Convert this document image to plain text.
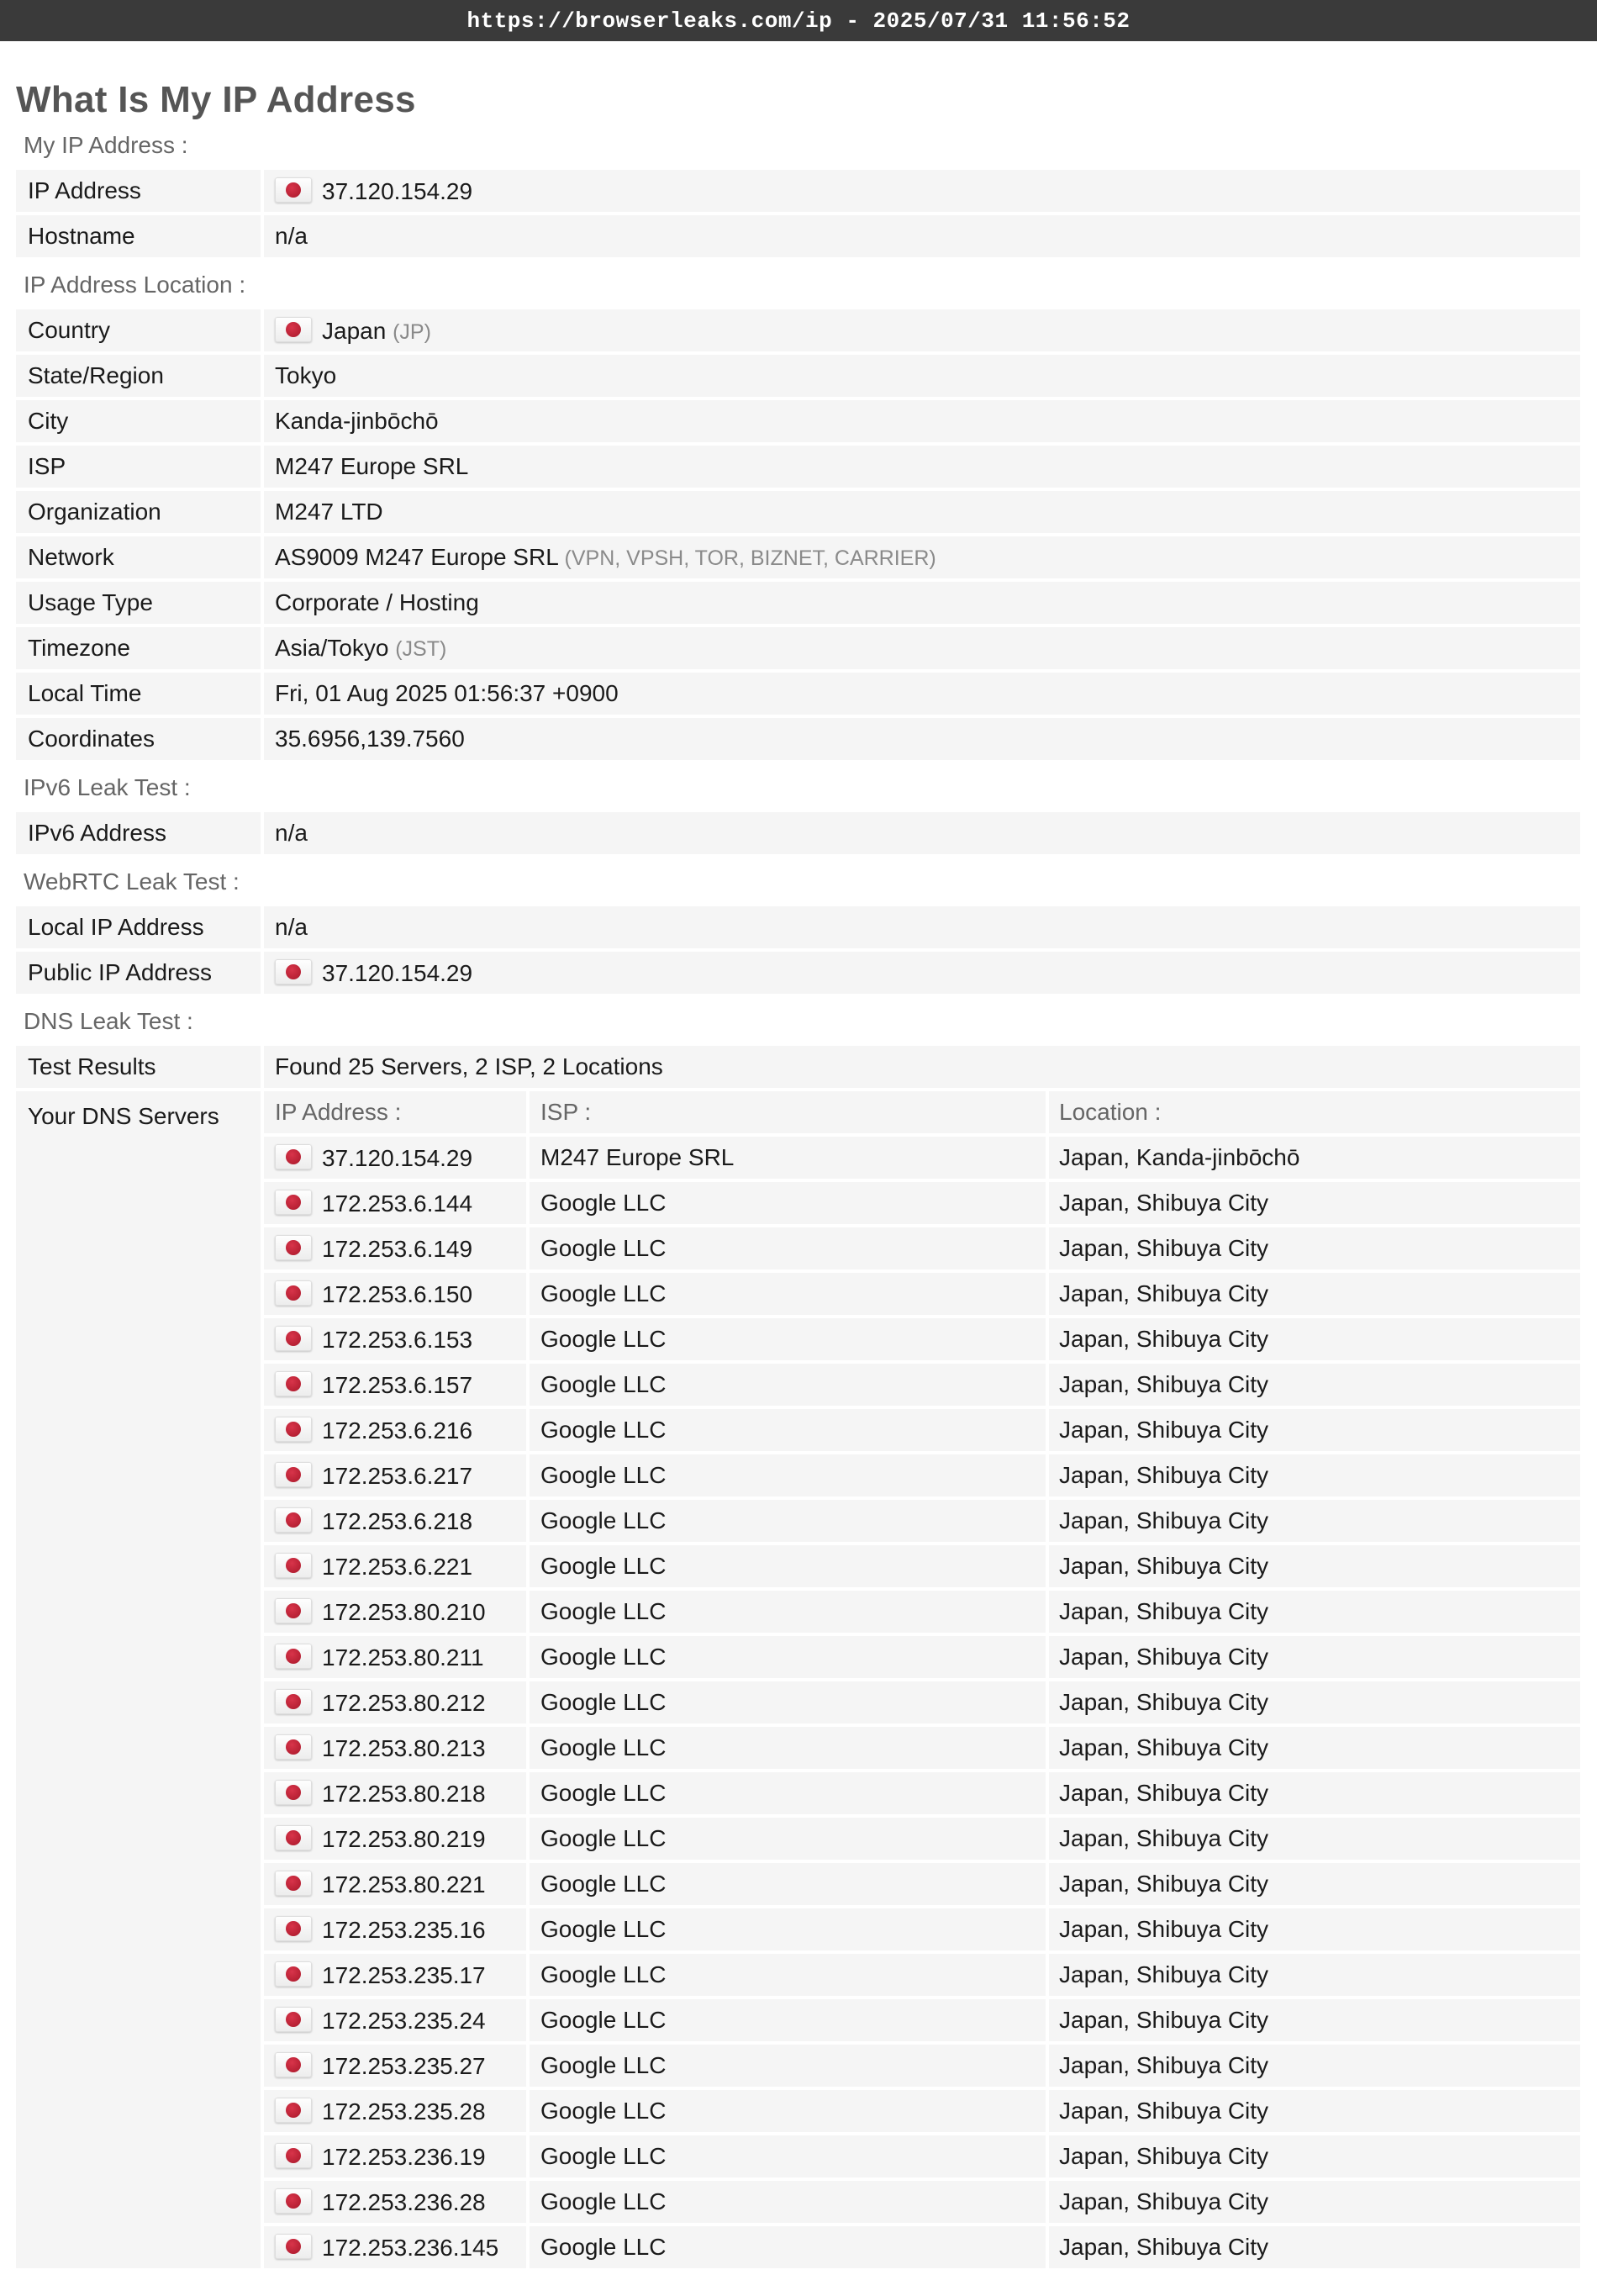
https://browserleaks.com/ip - 2025/07/31 11:56:52
What Is My IP Address
My IP Address :
IP Address	37.120.154.29
Hostname	n/a
IP Address Location :
Country	Japan (JP)
State/Region	Tokyo
City	Kanda-jinbōchō
ISP	M247 Europe SRL
Organization	M247 LTD
Network	AS9009 M247 Europe SRL (VPN, VPSH, TOR, BIZNET, CARRIER)
Usage Type	Corporate / Hosting
Timezone	Asia/Tokyo (JST)
Local Time	Fri, 01 Aug 2025 01:56:37 +0900
Coordinates	35.6956,139.7560
IPv6 Leak Test :
IPv6 Address	n/a
WebRTC Leak Test :
Local IP Address	n/a
Public IP Address	37.120.154.29
DNS Leak Test :
Test Results	Found 25 Servers, 2 ISP, 2 Locations
Your DNS Servers	IP Address :	ISP :	Location :
37.120.154.29	M247 Europe SRL	Japan, Kanda-jinbōchō
172.253.6.144	Google LLC	Japan, Shibuya City
172.253.6.149	Google LLC	Japan, Shibuya City
172.253.6.150	Google LLC	Japan, Shibuya City
172.253.6.153	Google LLC	Japan, Shibuya City
172.253.6.157	Google LLC	Japan, Shibuya City
172.253.6.216	Google LLC	Japan, Shibuya City
172.253.6.217	Google LLC	Japan, Shibuya City
172.253.6.218	Google LLC	Japan, Shibuya City
172.253.6.221	Google LLC	Japan, Shibuya City
172.253.80.210	Google LLC	Japan, Shibuya City
172.253.80.211	Google LLC	Japan, Shibuya City
172.253.80.212	Google LLC	Japan, Shibuya City
172.253.80.213	Google LLC	Japan, Shibuya City
172.253.80.218	Google LLC	Japan, Shibuya City
172.253.80.219	Google LLC	Japan, Shibuya City
172.253.80.221	Google LLC	Japan, Shibuya City
172.253.235.16	Google LLC	Japan, Shibuya City
172.253.235.17	Google LLC	Japan, Shibuya City
172.253.235.24	Google LLC	Japan, Shibuya City
172.253.235.27	Google LLC	Japan, Shibuya City
172.253.235.28	Google LLC	Japan, Shibuya City
172.253.236.19	Google LLC	Japan, Shibuya City
172.253.236.28	Google LLC	Japan, Shibuya City
172.253.236.145	Google LLC	Japan, Shibuya City
